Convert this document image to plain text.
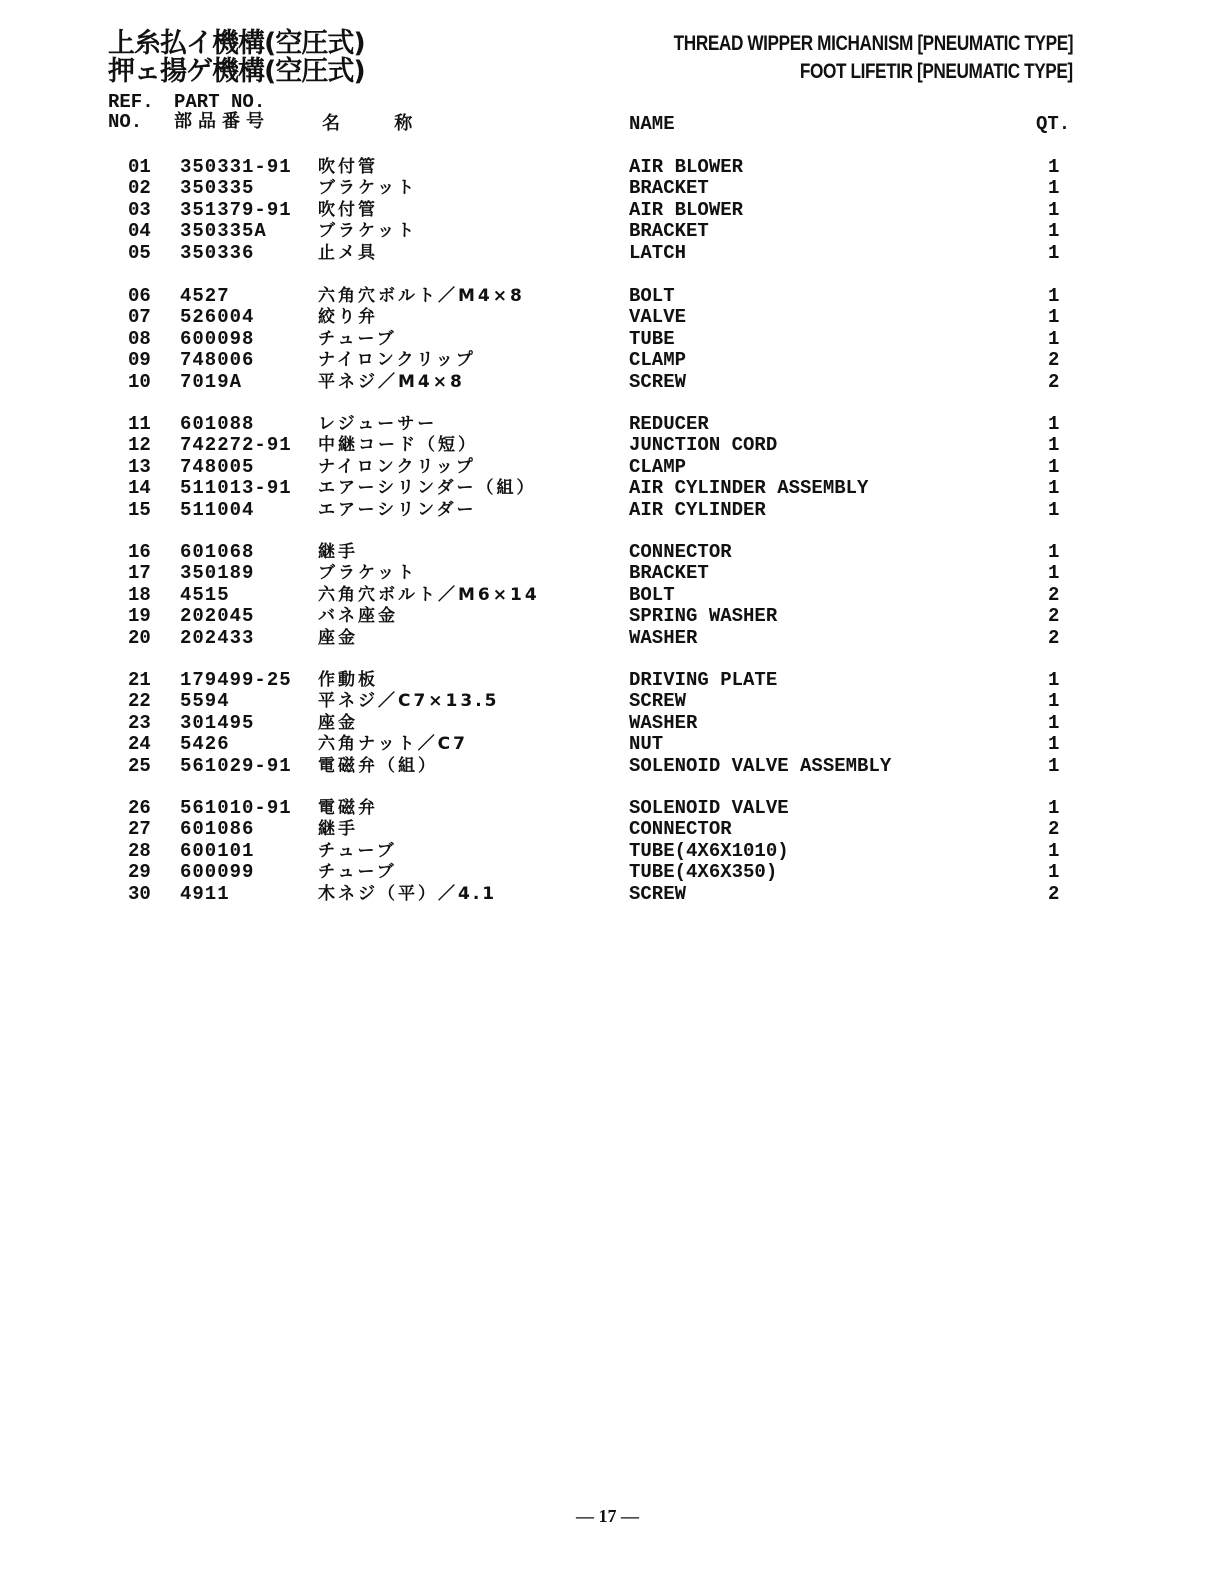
上糸払イ機構(空圧式)
押ェ揚ゲ機構(空圧式)
THREAD WIPPER MICHANISM [PNEUMATIC TYPE]
FOOT LIFETIR [PNEUMATIC TYPE]
REF.
NO.
PART NO.
部品番号	名 称	NAME	QT.
01 350331-91 吹付管	AIR BLOWER	1
02 350335	ブラケット	BRACKET	1
03 351379-91 吹付管	AIR BLOWER	1
04 350335A	ブラケット	BRACKET	1
05 350336	止メ具	LATCH	1
06 4527	六角穴ボルト／M4×8	BOLT	1
07 526004	絞り弁	VALVE	1
08 600098	チューブ	TUBE	1
09 748006	ナイロンクリップ	CLAMP	2
10 7019A	平ネジ／M4×8	SCREW	2
11 601088	レジューサー	REDUCER	1
12 742272-91 中継コード（短）	JUNCTION CORD	1
13 748005	ナイロンクリップ	CLAMP	1
14 511013-91 エアーシリンダー（組）	AIR CYLINDER ASSEMBLY	1
15 511004	エアーシリンダー	AIR CYLINDER	1
16 601068	継手	CONNECTOR	1
17 350189	ブラケット	BRACKET	1
18 4515	六角穴ボルト／M6×14	BOLT	2
19 202045	バネ座金	SPRING WASHER	2
20 202433	座金	WASHER	2
21 179499-25 作動板	DRIVING PLATE	1
22 5594	平ネジ／C7×13.5	SCREW	1
23 301495	座金	WASHER	1
24 5426	六角ナット／C7	NUT	1
25 561029-91 電磁弁（組）	SOLENOID VALVE ASSEMBLY	1
26 561010-91 電磁弁	SOLENOID VALVE	1
27 601086	継手	CONNECTOR	2
28 600101	チューブ	TUBE(4X6X1010)	1
29 600099	チューブ	TUBE(4X6X350)	1
30 4911	木ネジ（平）／4.1	SCREW	2
— 17 —
